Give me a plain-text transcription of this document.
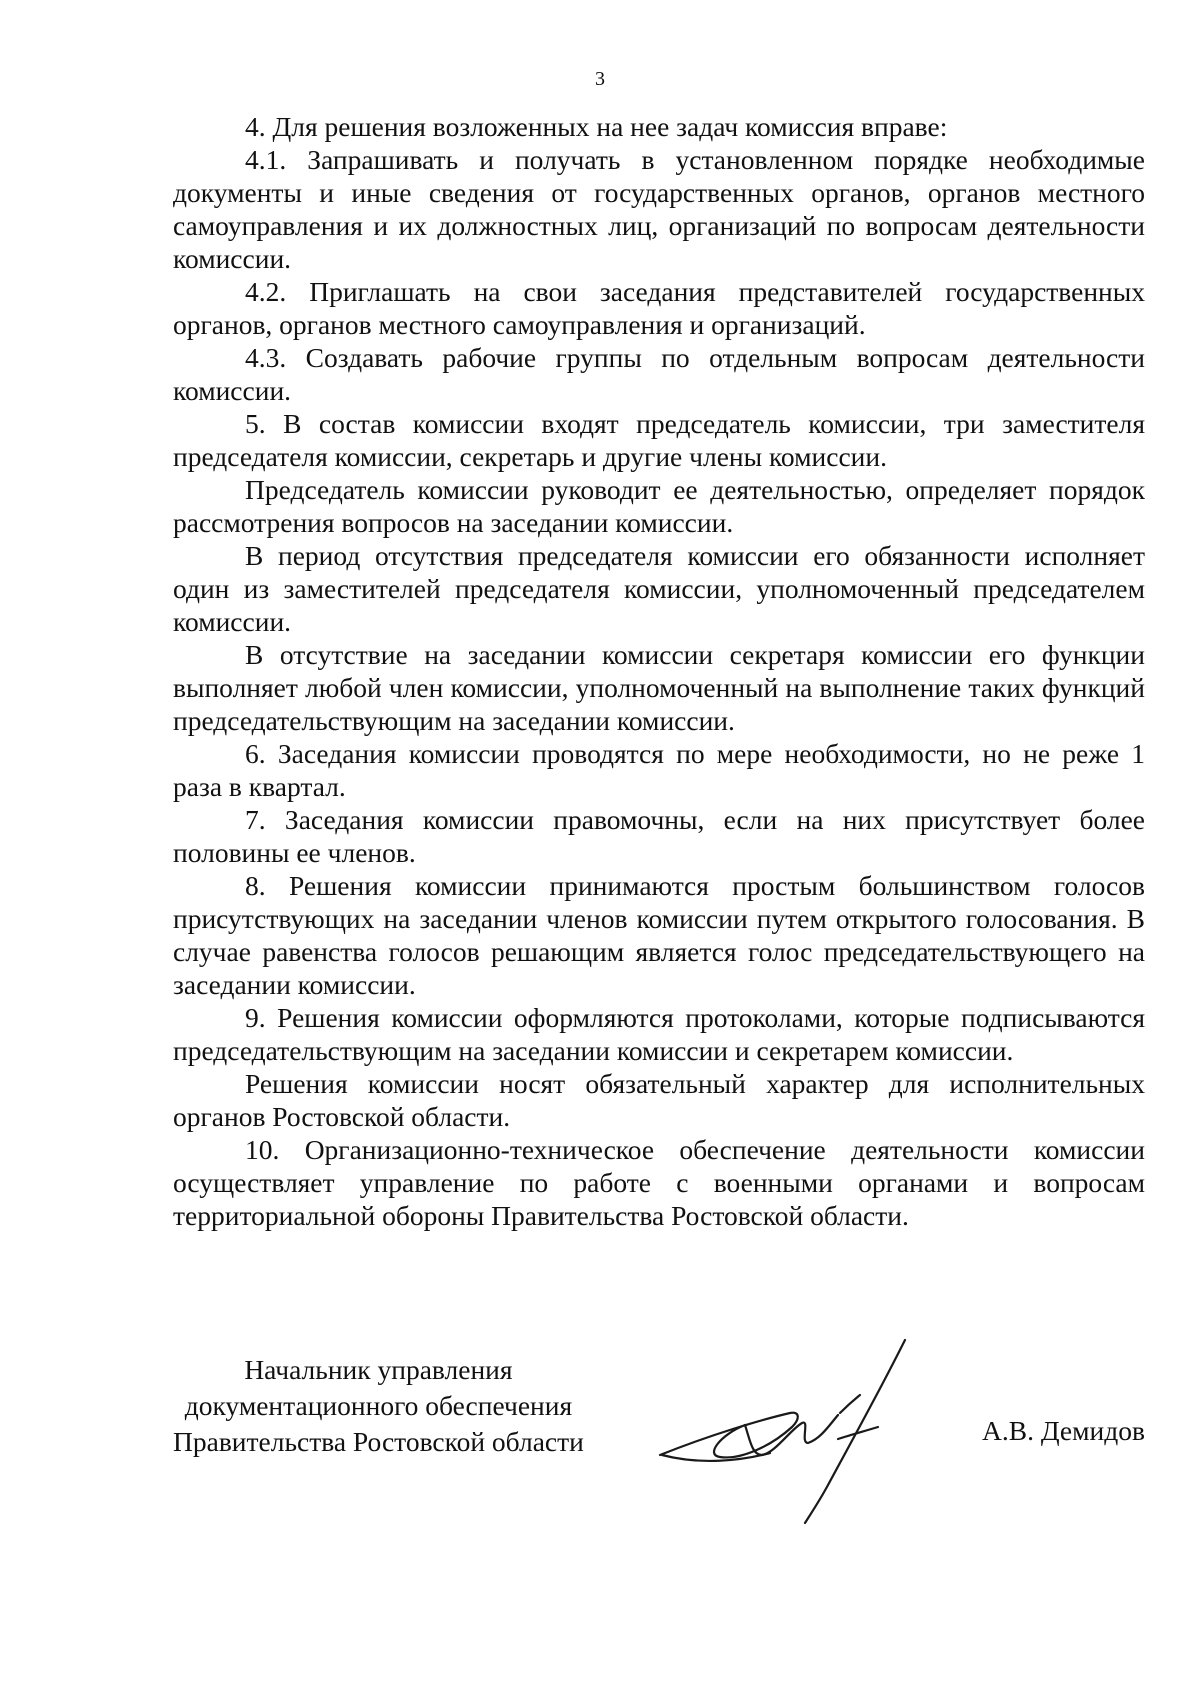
3

4. Для решения возложенных на нее задач комиссия вправе:

4.1. Запрашивать и получать в установленном порядке необходимые документы и иные сведения от государственных органов, органов местного самоуправления и их должностных лиц, организаций по вопросам деятельности комиссии.

4.2. Приглашать на свои заседания представителей государственных органов, органов местного самоуправления и организаций.

4.3. Создавать рабочие группы по отдельным вопросам деятельности комиссии.

5. В состав комиссии входят председатель комиссии, три заместителя председателя комиссии, секретарь и другие члены комиссии.

Председатель комиссии руководит ее деятельностью, определяет порядок рассмотрения вопросов на заседании комиссии.

В период отсутствия председателя комиссии его обязанности исполняет один из заместителей председателя комиссии, уполномоченный председателем комиссии.

В отсутствие на заседании комиссии секретаря комиссии его функции выполняет любой член комиссии, уполномоченный на выполнение таких функций председательствующим на заседании комиссии.

6. Заседания комиссии проводятся по мере необходимости, но не реже 1 раза в квартал.

7. Заседания комиссии правомочны, если на них присутствует более половины ее членов.

8. Решения комиссии принимаются простым большинством голосов присутствующих на заседании членов комиссии путем открытого голосования. В случае равенства голосов решающим является голос председательствующего на заседании комиссии.

9. Решения комиссии оформляются протоколами, которые подписываются председательствующим на заседании комиссии и секретарем комиссии.

Решения комиссии носят обязательный характер для исполнительных органов Ростовской области.

10. Организационно-техническое обеспечение деятельности комиссии осуществляет управление по работе с военными органами и вопросам территориальной обороны Правительства Ростовской области.

Начальник управления
документационного обеспечения
Правительства Ростовской области	А.В. Демидов
